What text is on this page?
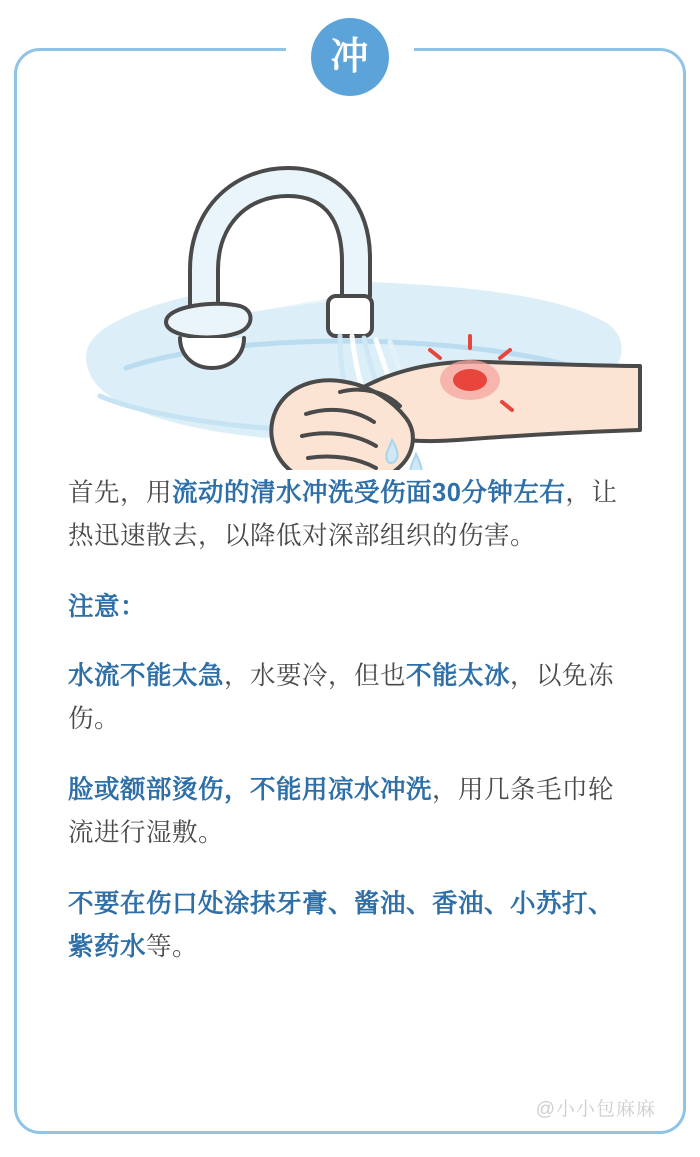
冲

首先，用流动的清水冲洗受伤面30分钟左右，让热迅速散去，以降低对深部组织的伤害。

注意：

水流不能太急，水要冷，但也不能太冰，以免冻伤。

脸或额部烫伤，不能用凉水冲洗，用几条毛巾轮流进行湿敷。

不要在伤口处涂抹牙膏、酱油、香油、小苏打、紫药水等。

@小小包麻麻
